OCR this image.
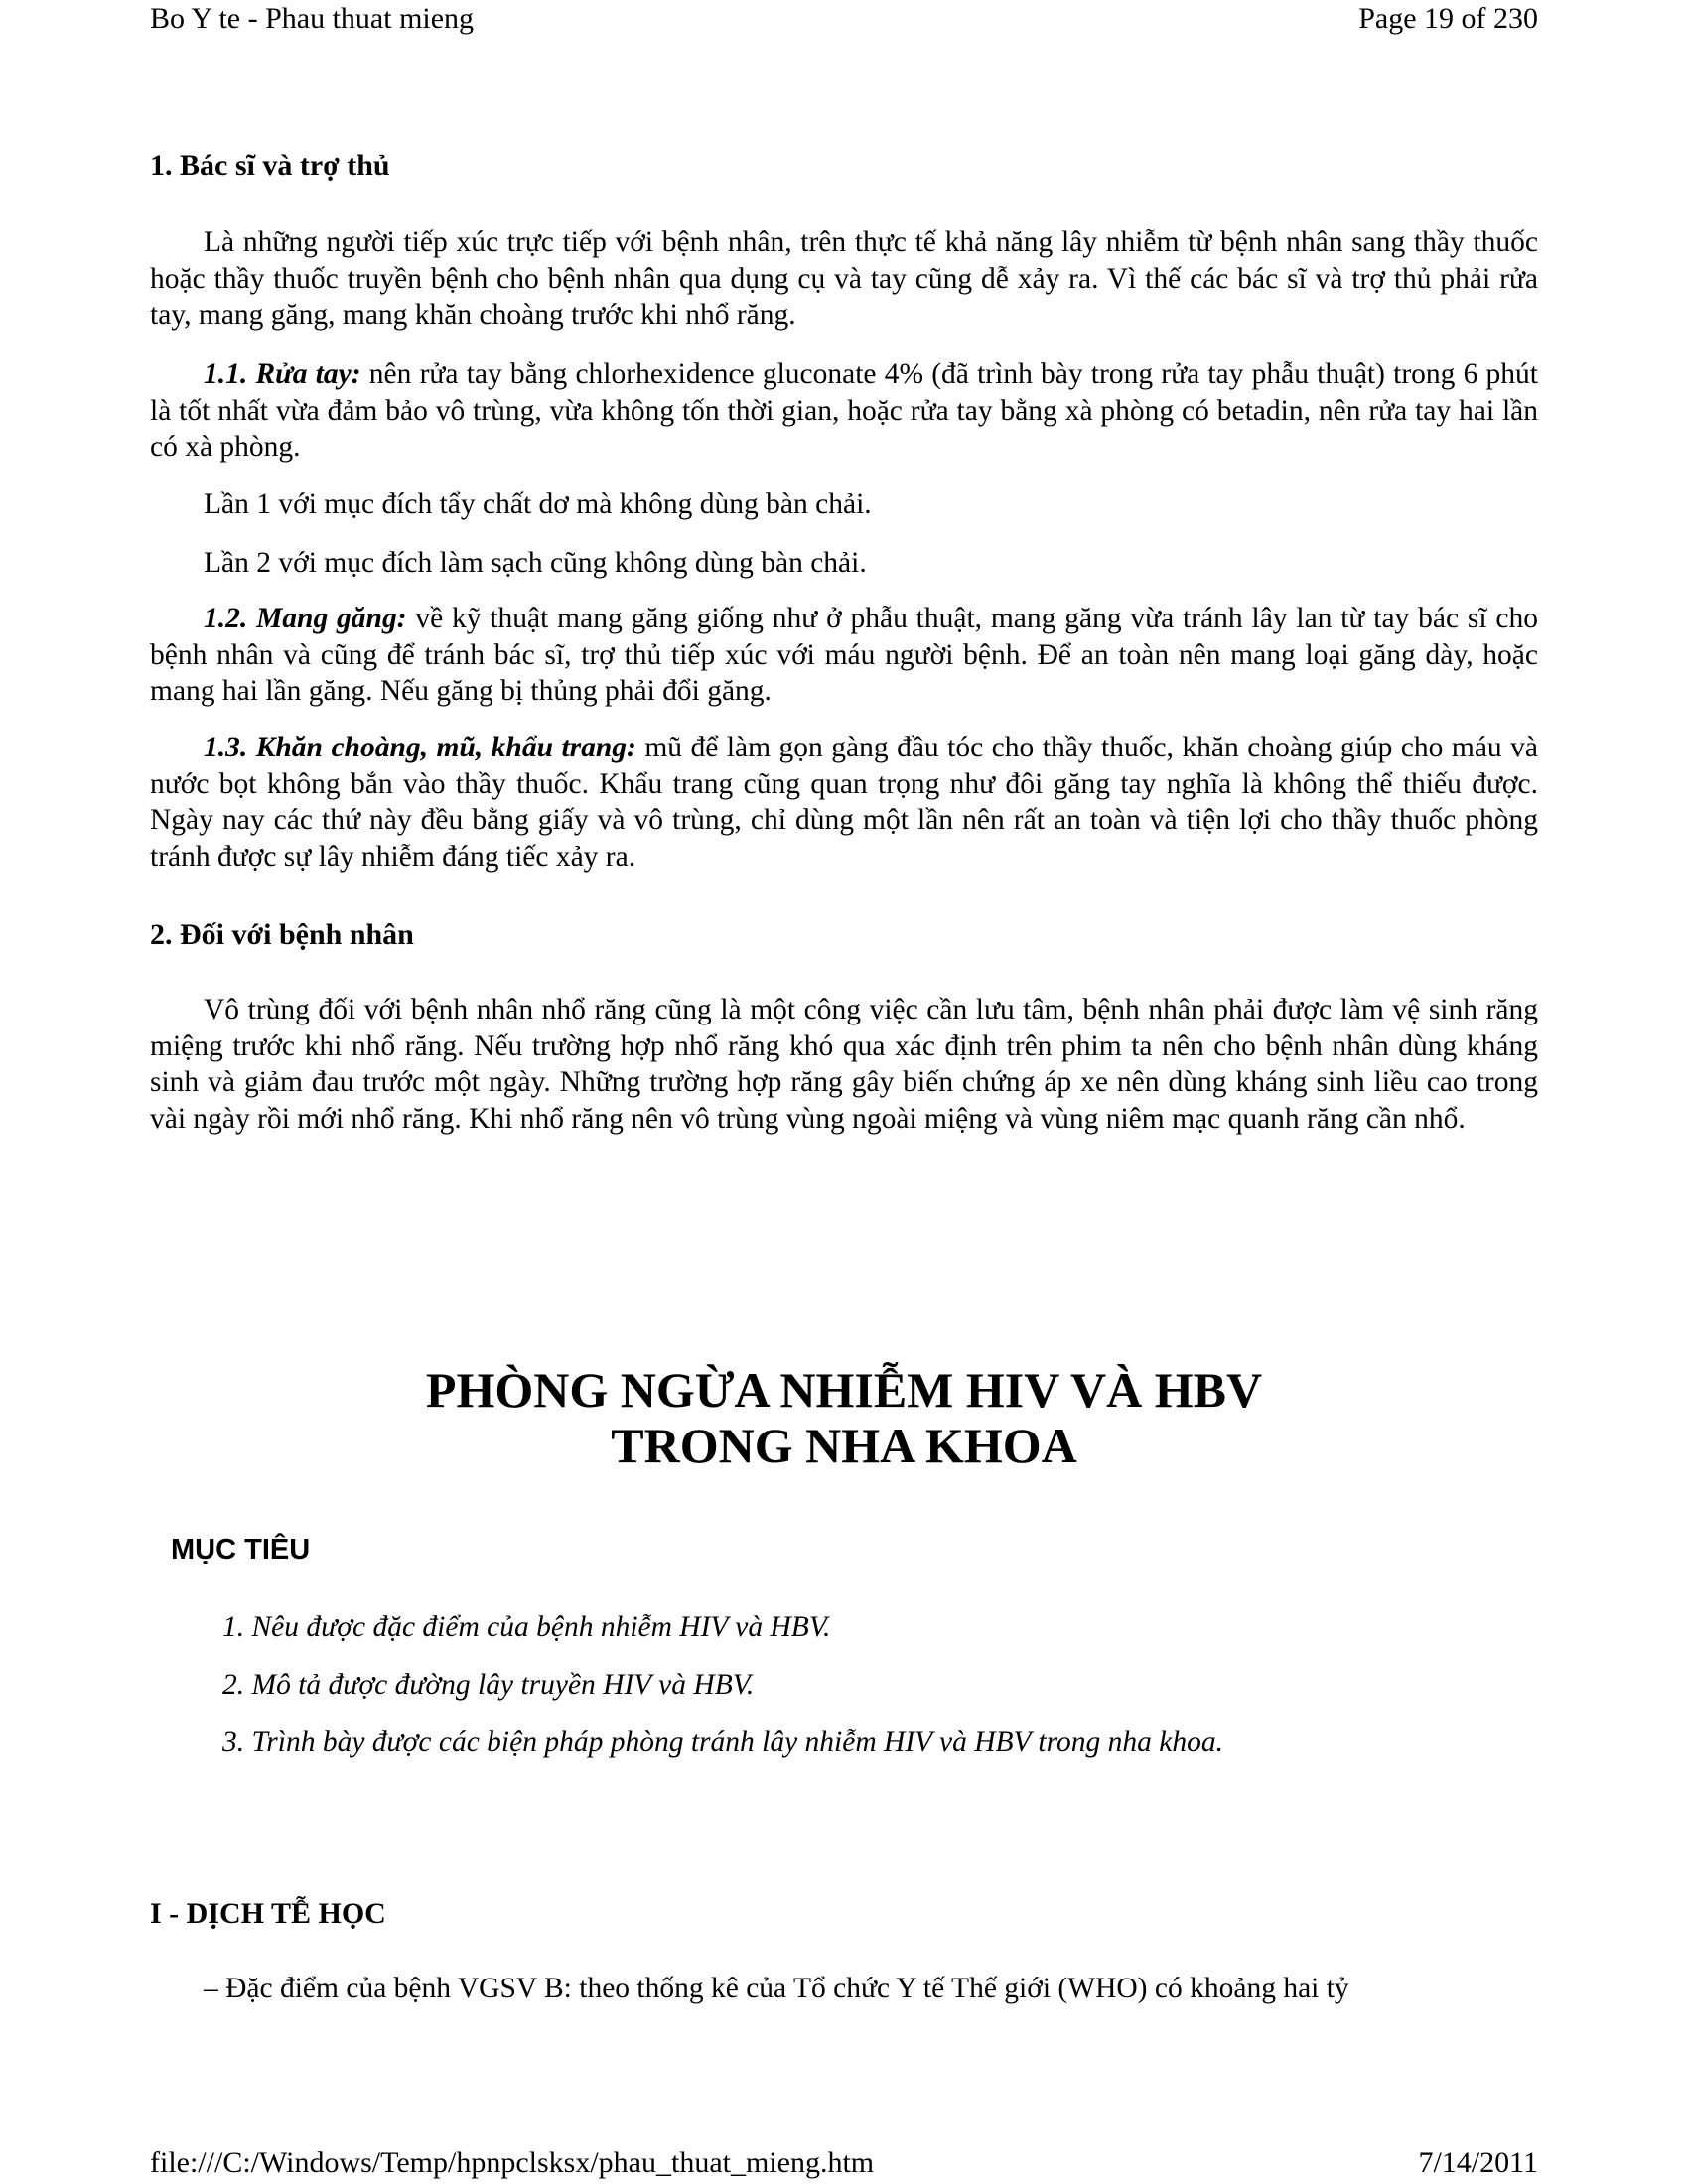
Bo Y te - Phau thuat mieng	Page 19 of 230
1. Bác sĩ và trợ thủ

Là những người tiếp xúc trực tiếp với bệnh nhân, trên thực tế khả năng lây nhiễm từ bệnh nhân sang thầy thuốc hoặc thầy thuốc truyền bệnh cho bệnh nhân qua dụng cụ và tay cũng dễ xảy ra. Vì thế các bác sĩ và trợ thủ phải rửa tay, mang găng, mang khăn choàng trước khi nhổ răng.

1.1. Rửa tay: nên rửa tay bằng chlorhexidence gluconate 4% (đã trình bày trong rửa tay phẫu thuật) trong 6 phút là tốt nhất vừa đảm bảo vô trùng, vừa không tốn thời gian, hoặc rửa tay bằng xà phòng có betadin, nên rửa tay hai lần có xà phòng.

Lần 1 với mục đích tẩy chất dơ mà không dùng bàn chải.

Lần 2 với mục đích làm sạch cũng không dùng bàn chải.

1.2. Mang găng: về kỹ thuật mang găng giống như ở phẫu thuật, mang găng vừa tránh lây lan từ tay bác sĩ cho bệnh nhân và cũng để tránh bác sĩ, trợ thủ tiếp xúc với máu người bệnh. Để an toàn nên mang loại găng dày, hoặc mang hai lần găng. Nếu găng bị thủng phải đổi găng.

1.3. Khăn choàng, mũ, khẩu trang: mũ để làm gọn gàng đầu tóc cho thầy thuốc, khăn choàng giúp cho máu và nước bọt không bắn vào thầy thuốc. Khẩu trang cũng quan trọng như đôi găng tay nghĩa là không thể thiếu được. Ngày nay các thứ này đều bằng giấy và vô trùng, chỉ dùng một lần nên rất an toàn và tiện lợi cho thầy thuốc phòng tránh được sự lây nhiễm đáng tiếc xảy ra.

2. Đối với bệnh nhân

Vô trùng đối với bệnh nhân nhổ răng cũng là một công việc cần lưu tâm, bệnh nhân phải được làm vệ sinh răng miệng trước khi nhổ răng. Nếu trường hợp nhổ răng khó qua xác định trên phim ta nên cho bệnh nhân dùng kháng sinh và giảm đau trước một ngày. Những trường hợp răng gây biến chứng áp xe nên dùng kháng sinh liều cao trong vài ngày rồi mới nhổ răng. Khi nhổ răng nên vô trùng vùng ngoài miệng và vùng niêm mạc quanh răng cần nhổ.

PHÒNG NGỪA NHIỄM HIV VÀ HBV
TRONG NHA KHOA
MỤC TIÊU
1. Nêu được đặc điểm của bệnh nhiễm HIV và HBV.
2. Mô tả được đường lây truyền HIV và HBV.
3. Trình bày được các biện pháp phòng tránh lây nhiễm HIV và HBV trong nha khoa.
I - DỊCH TỄ HỌC

– Đặc điểm của bệnh VGSV B: theo thống kê của Tổ chức Y tế Thế giới (WHO) có khoảng hai tỷ

file:///C:/Windows/Temp/hpnpclsksx/phau_thuat_mieng.htm	7/14/2011
